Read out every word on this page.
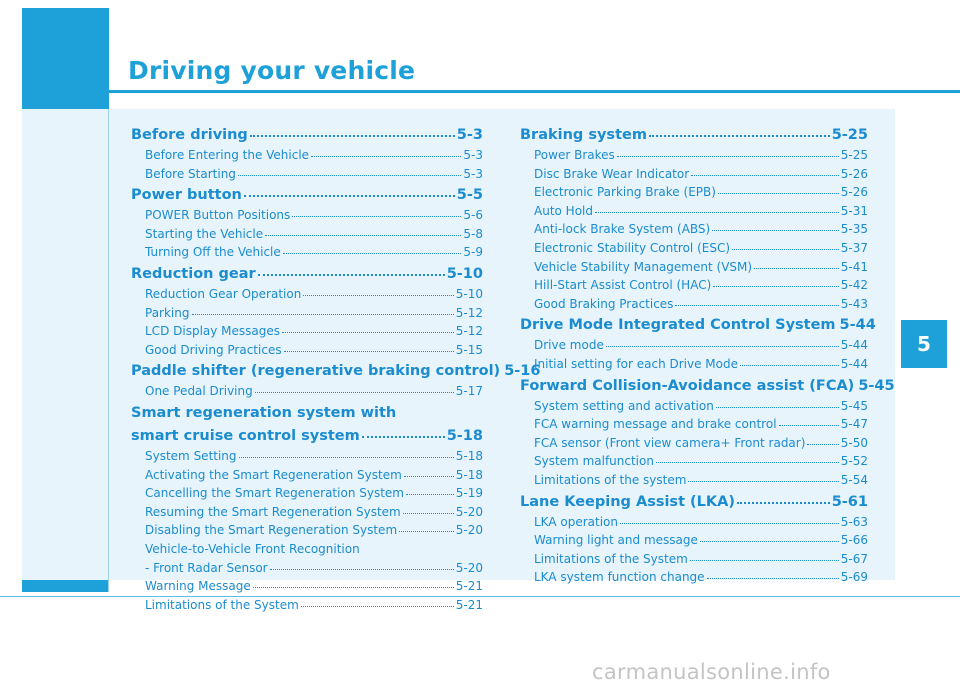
Driving your vehicle
Before driving	5-3
Before Entering the Vehicle	5-3
Before Starting	5-3
Power button	5-5
POWER Button Positions	5-6
Starting the Vehicle	5-8
Turning Off the Vehicle	5-9
Reduction gear	5-10
Reduction Gear Operation	5-10
Parking	5-12
LCD Display Messages	5-12
Good Driving Practices	5-15
Paddle shifter (regenerative braking control) 5-16
One Pedal Driving	5-17
Smart regeneration system with
smart cruise control system	5-18
System Setting	5-18
Activating the Smart Regeneration System	5-18
Cancelling the Smart Regeneration System	5-19
Resuming the Smart Regeneration System	5-20
Disabling the Smart Regeneration System	5-20
Vehicle-to-Vehicle Front Recognition
- Front Radar Sensor	5-20
Warning Message	5-21
Limitations of the System	5-21
Braking system	5-25
Power Brakes	5-25
Disc Brake Wear Indicator	5-26
Electronic Parking Brake (EPB)	5-26
Auto Hold	5-31
Anti-lock Brake System (ABS)	5-35
Electronic Stability Control (ESC)	5-37
Vehicle Stability Management (VSM)	5-41
Hill-Start Assist Control (HAC)	5-42
Good Braking Practices	5-43
Drive Mode Integrated Control System 5-44
Drive mode	5-44
Initial setting for each Drive Mode	5-44
Forward Collision-Avoidance assist (FCA) 5-45
System setting and activation	5-45
FCA warning message and brake control	5-47
FCA sensor (Front view camera+ Front radar)	5-50
System malfunction	5-52
Limitations of the system	5-54
Lane Keeping Assist (LKA)	5-61
LKA operation	5-63
Warning light and message	5-66
Limitations of the System	5-67
LKA system function change	5-69
5
carmanualsonline.info
